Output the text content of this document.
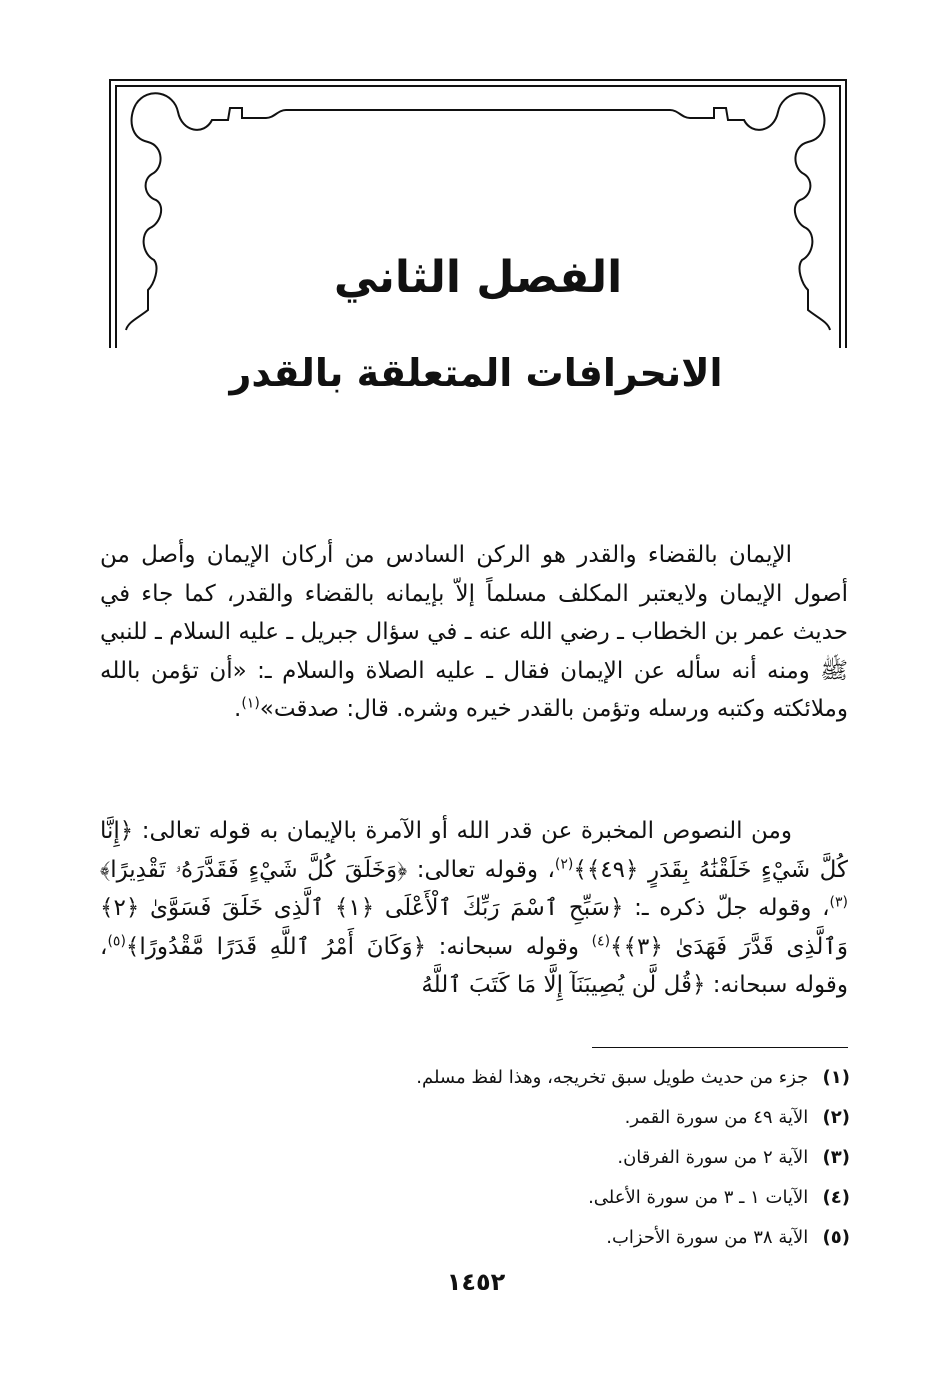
الفصل الثاني
الانحرافات المتعلقة بالقدر
الإيمان بالقضاء والقدر هو الركن السادس من أركان الإيمان وأصل من أصول الإيمان ولايعتبر المكلف مسلماً إلاّ بإيمانه بالقضاء والقدر، كما جاء في حديث عمر بن الخطاب ـ رضي الله عنه ـ في سؤال جبريل ـ عليه السلام ـ للنبي ﷺ ومنه أنه سأله عن الإيمان فقال ـ عليه الصلاة والسلام ـ: «أن تؤمن بالله وملائكته وكتبه ورسله وتؤمن بالقدر خيره وشره. قال: صدقت»$^{(١)}$.
ومن النصوص المخبرة عن قدر الله أو الآمرة بالإيمان به قوله تعالى: ﴿إِنَّا كُلَّ شَيْءٍ خَلَقْنَٰهُ بِقَدَرٍ ﴿٤٩﴾﴾$^{(٢)}$، وقوله تعالى: ﴿وَخَلَقَ كُلَّ شَيْءٍ فَقَدَّرَهُۥ تَقْدِيرًا﴾$^{(٣)}$، وقوله جلّ ذكره ـ: ﴿سَبِّحِ ٱسْمَ رَبِّكَ ٱلْأَعْلَى ﴿١﴾ ٱلَّذِى خَلَقَ فَسَوَّىٰ ﴿٢﴾ وَٱلَّذِى قَدَّرَ فَهَدَىٰ ﴿٣﴾﴾$^{(٤)}$ وقوله سبحانه: ﴿وَكَانَ أَمْرُ ٱللَّهِ قَدَرًا مَّقْدُورًا﴾$^{(٥)}$، وقوله سبحانه: ﴿قُل لَّن يُصِيبَنَآ إِلَّا مَا كَتَبَ ٱللَّهُ
(١) جزء من حديث طويل سبق تخريجه، وهذا لفظ مسلم.
(٢) الآية ٤٩ من سورة القمر.
(٣) الآية ٢ من سورة الفرقان.
(٤) الآيات ١ ـ ٣ من سورة الأعلى.
(٥) الآية ٣٨ من سورة الأحزاب.
١٤٥٢
